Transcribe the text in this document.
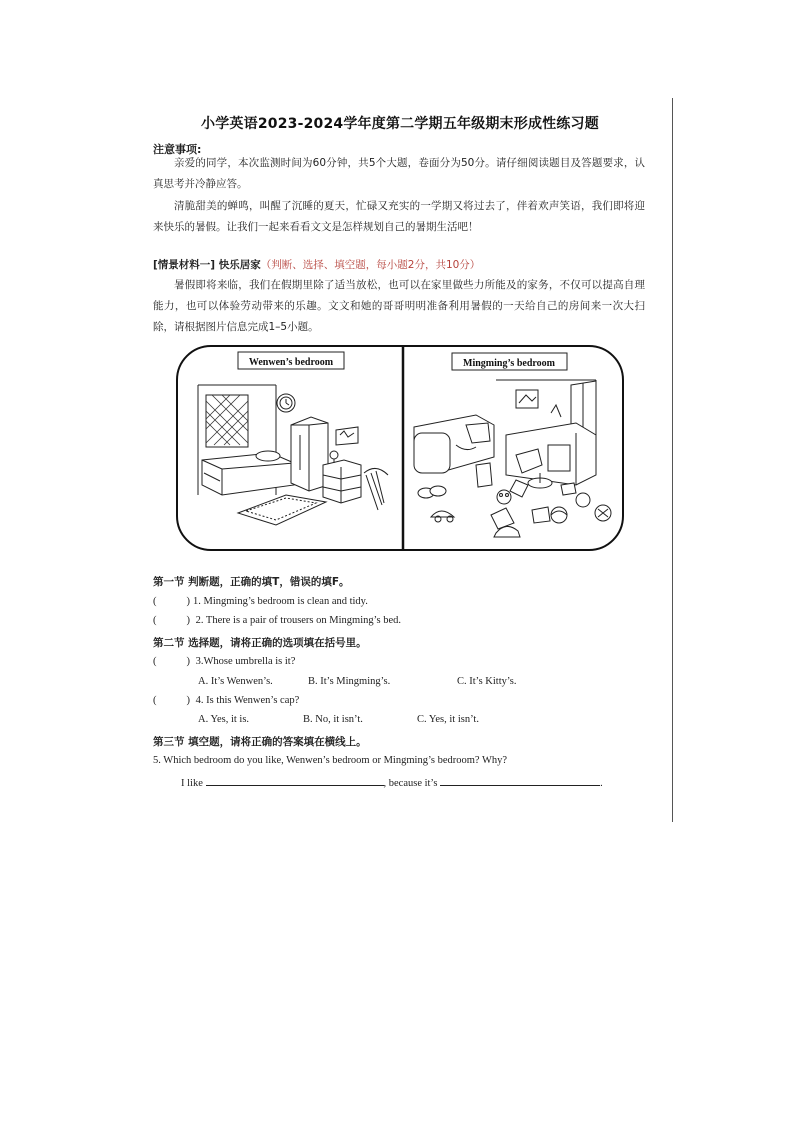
小学英语2023-2024学年度第二学期五年级期末形成性练习题
注意事项:
亲爱的同学，本次监测时间为60分钟，共5个大题，卷面分为50分。请仔细阅读题目及答题要求，认真思考并冷静应答。
清脆甜美的蝉鸣，叫醒了沉睡的夏天，忙碌又充实的一学期又将过去了，伴着欢声笑语，我们即将迎来快乐的暑假。让我们一起来看看文文是怎样规划自己的暑期生活吧！
[情景材料一] 快乐居家（判断、选择、填空题，每小题2分，共10分）
暑假即将来临，我们在假期里除了适当放松，也可以在家里做些力所能及的家务，不仅可以提高自理能力，也可以体验劳动带来的乐趣。文文和她的哥哥明明准备利用暑假的一天给自己的房间来一次大扫除，请根据图片信息完成1–5小题。
Wenwen’s bedroom	Mingming’s bedroom
第一节 判断题，正确的填T，错误的填F。
(	) 1. Mingming’s bedroom is clean and tidy.
(	) 2. There is a pair of trousers on Mingming’s bed.
第二节 选择题，请将正确的选项填在括号里。
(	) 3.Whose umbrella is it?
A. It’s Wenwen’s.	B. It’s Mingming’s.	C. It’s Kitty’s.
(	) 4. Is this Wenwen’s cap?
A. Yes, it is.	B. No, it isn’t.	C. Yes, it isn’t.
第三节 填空题，请将正确的答案填在横线上。
5. Which bedroom do you like, Wenwen’s bedroom or Mingming’s bedroom? Why?
I like	, because it’s	.
